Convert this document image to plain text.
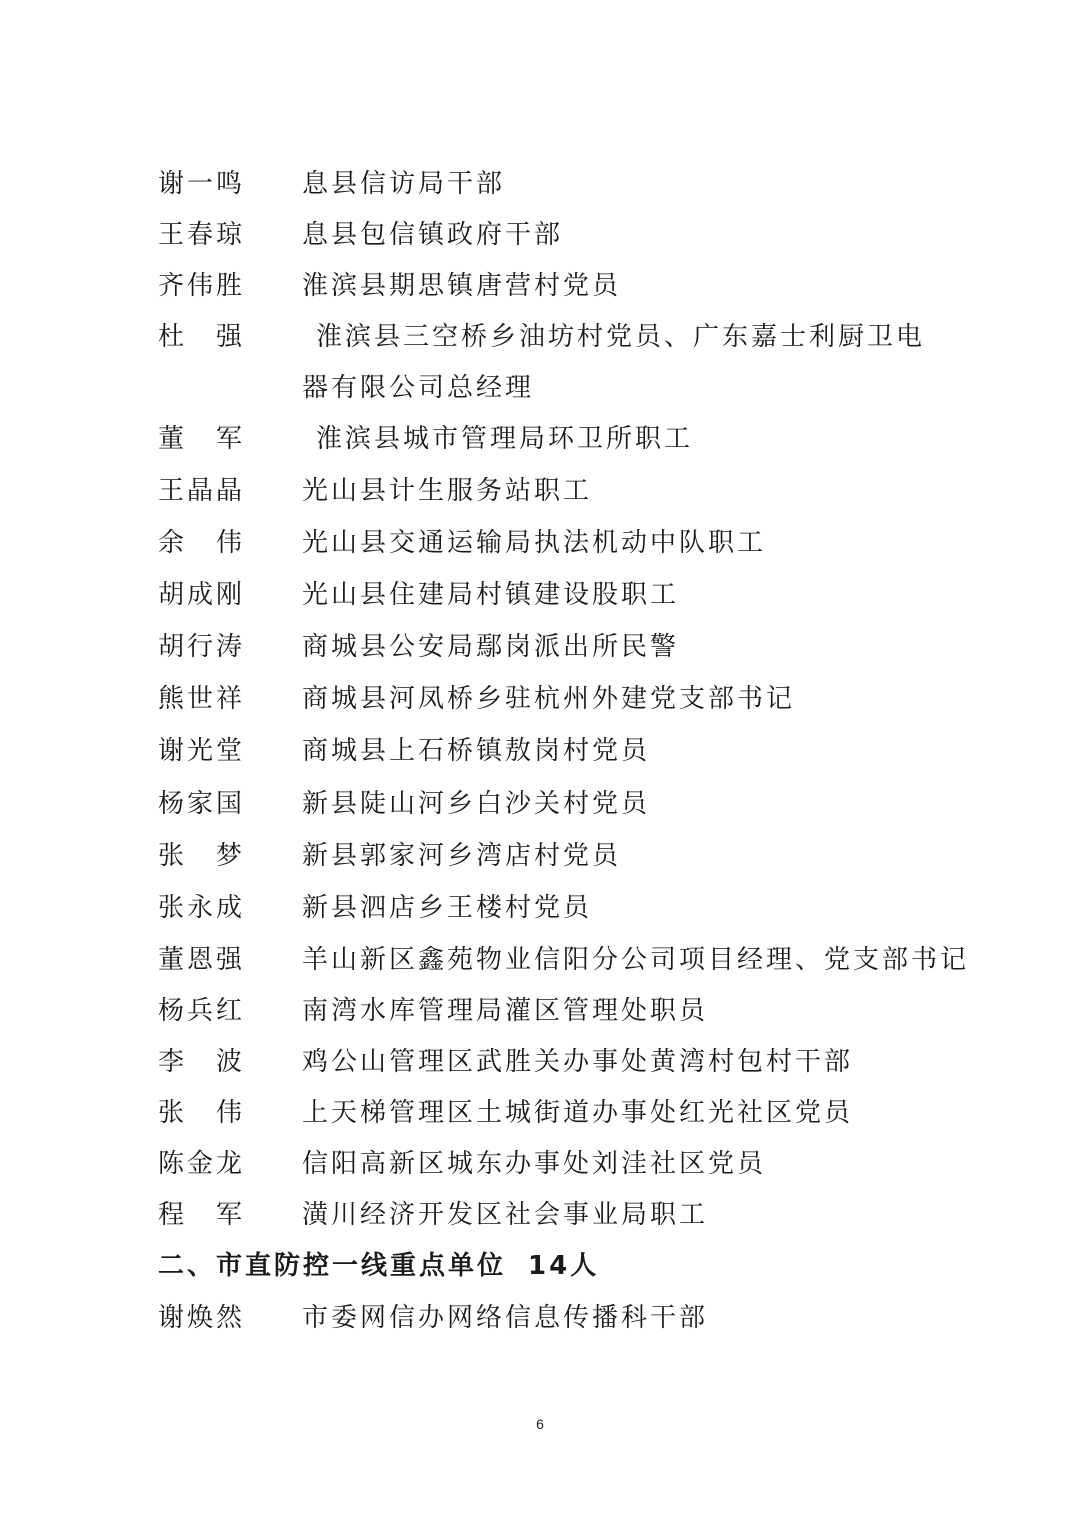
谢一鸣 息县信访局干部
王春琼 息县包信镇政府干部
齐伟胜 淮滨县期思镇唐营村党员
杜　强	淮滨县三空桥乡油坊村党员、广东嘉士利厨卫电
器有限公司总经理
董　军	淮滨县城市管理局环卫所职工
王晶晶 光山县计生服务站职工
余　伟 光山县交通运输局执法机动中队职工
胡成刚 光山县住建局村镇建设股职工
胡行涛 商城县公安局鄢岗派出所民警
熊世祥 商城县河凤桥乡驻杭州外建党支部书记
谢光堂 商城县上石桥镇敖岗村党员
杨家国 新县陡山河乡白沙关村党员
张　梦 新县郭家河乡湾店村党员
张永成 新县泗店乡王楼村党员
董恩强 羊山新区鑫苑物业信阳分公司项目经理、党支部书记
杨兵红 南湾水库管理局灌区管理处职员
李　波 鸡公山管理区武胜关办事处黄湾村包村干部
张　伟 上天梯管理区土城街道办事处红光社区党员
陈金龙 信阳高新区城东办事处刘洼社区党员
程　军 潢川经济开发区社会事业局职工
二、市直防控一线重点单位 14人
谢焕然 市委网信办网络信息传播科干部
6
